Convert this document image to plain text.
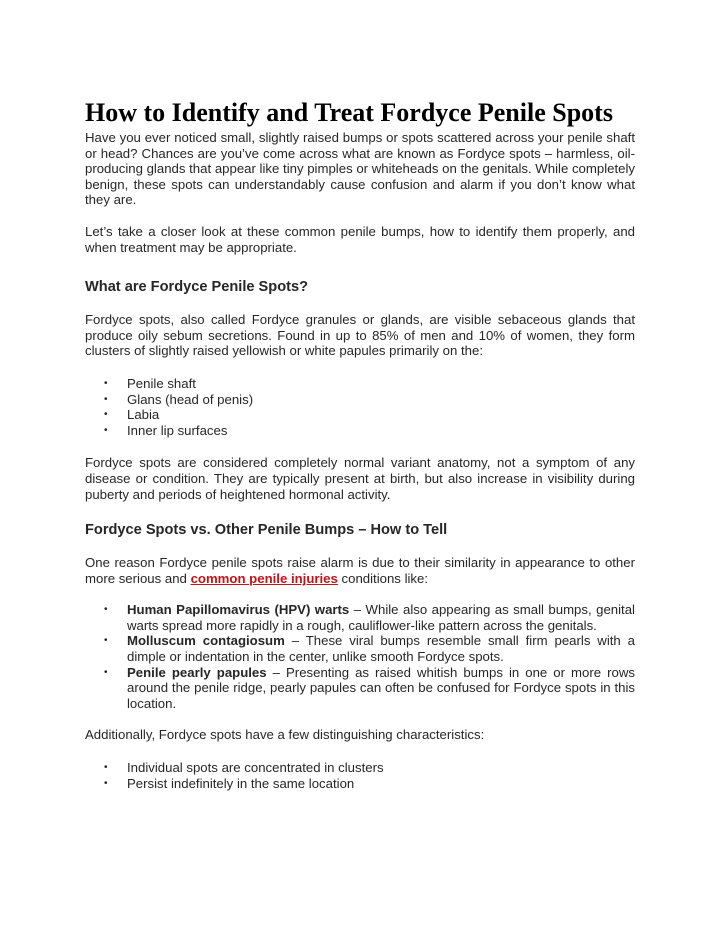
How to Identify and Treat Fordyce Penile Spots

Have you ever noticed small, slightly raised bumps or spots scattered across your penile shaft or head? Chances are you’ve come across what are known as Fordyce spots – harmless, oil-producing glands that appear like tiny pimples or whiteheads on the genitals. While completely benign, these spots can understandably cause confusion and alarm if you don’t know what they are.

Let’s take a closer look at these common penile bumps, how to identify them properly, and when treatment may be appropriate.

What are Fordyce Penile Spots?

Fordyce spots, also called Fordyce granules or glands, are visible sebaceous glands that produce oily sebum secretions. Found in up to 85% of men and 10% of women, they form clusters of slightly raised yellowish or white papules primarily on the:

• Penile shaft
• Glans (head of penis)
• Labia
• Inner lip surfaces

Fordyce spots are considered completely normal variant anatomy, not a symptom of any disease or condition. They are typically present at birth, but also increase in visibility during puberty and periods of heightened hormonal activity.

Fordyce Spots vs. Other Penile Bumps – How to Tell

One reason Fordyce penile spots raise alarm is due to their similarity in appearance to other more serious and common penile injuries conditions like:

• Human Papillomavirus (HPV) warts – While also appearing as small bumps, genital warts spread more rapidly in a rough, cauliflower-like pattern across the genitals.
• Molluscum contagiosum – These viral bumps resemble small firm pearls with a dimple or indentation in the center, unlike smooth Fordyce spots.
• Penile pearly papules – Presenting as raised whitish bumps in one or more rows around the penile ridge, pearly papules can often be confused for Fordyce spots in this location.

Additionally, Fordyce spots have a few distinguishing characteristics:

• Individual spots are concentrated in clusters
• Persist indefinitely in the same location
